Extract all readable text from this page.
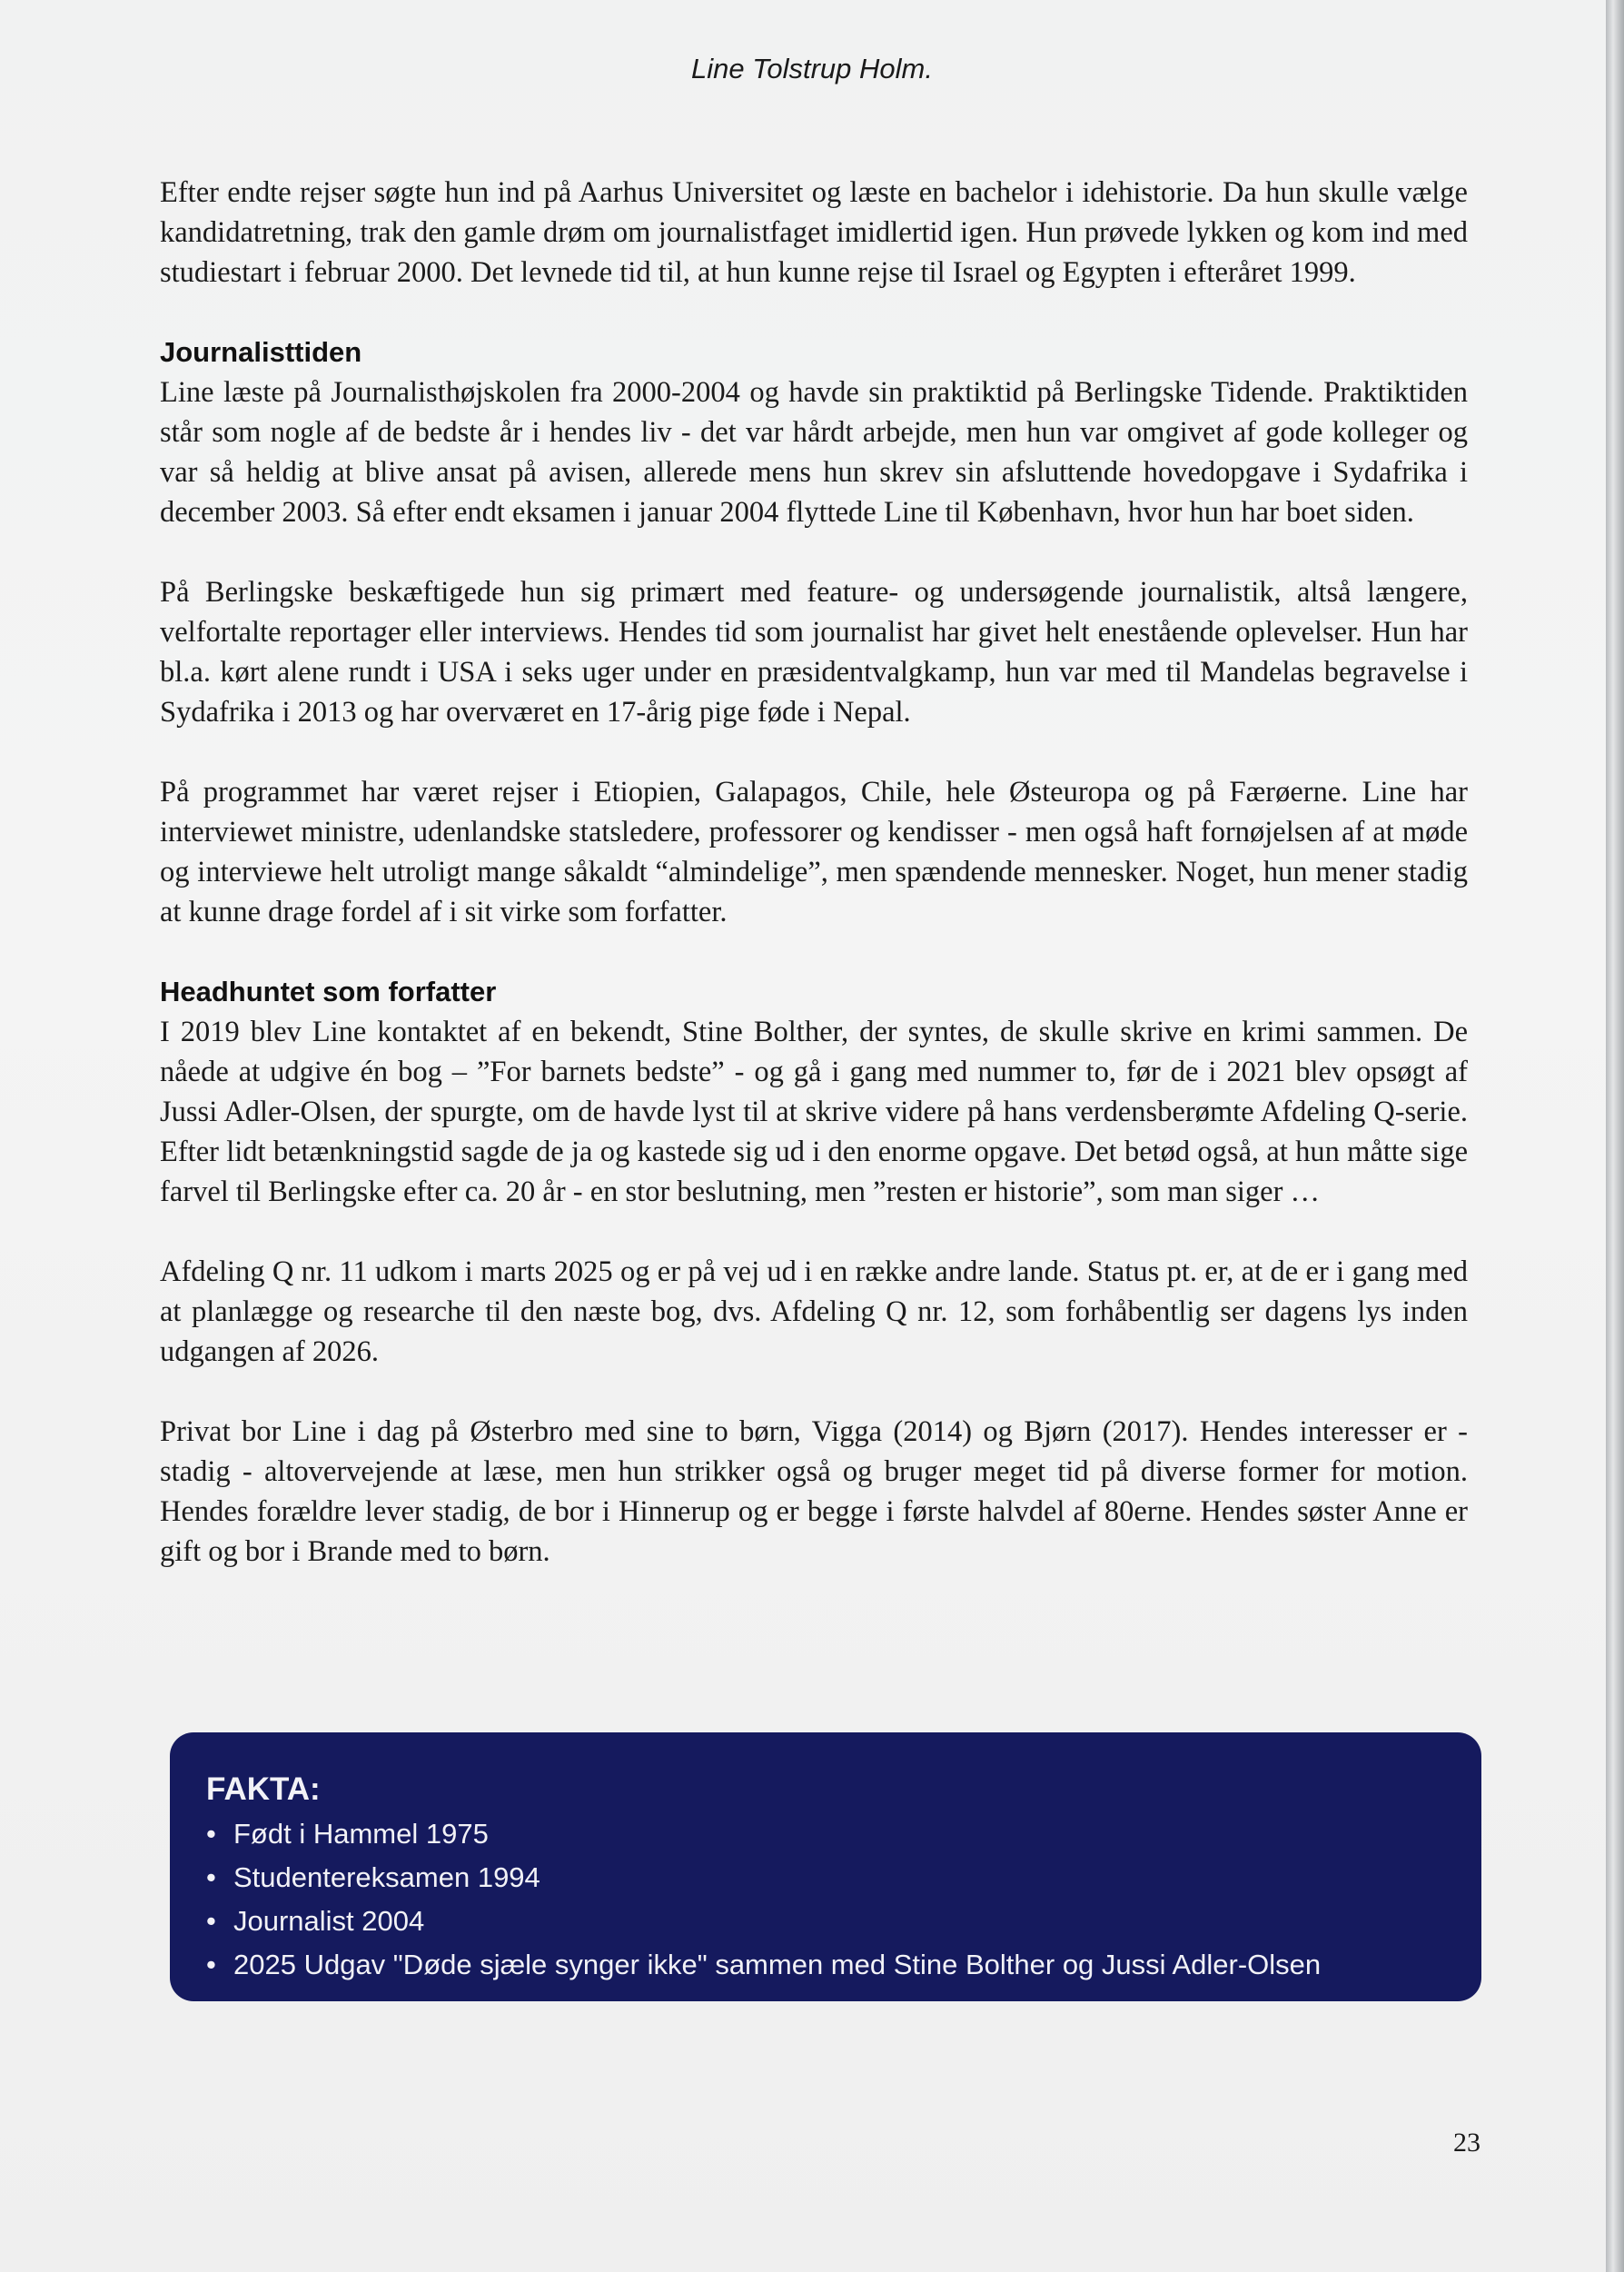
Line Tolstrup Holm.

Efter endte rejser søgte hun ind på Aarhus Universitet og læste en bachelor i idehistorie. Da hun skulle vælge kandidatretning, trak den gamle drøm om journalistfaget imidlertid igen. Hun prøvede lykken og kom ind med studiestart i februar 2000. Det levnede tid til, at hun kunne rejse til Israel og Egypten i efteråret 1999.

Journalisttiden

Line læste på Journalisthøjskolen fra 2000-2004 og havde sin praktiktid på Berlingske Tidende. Praktiktiden står som nogle af de bedste år i hendes liv - det var hårdt arbejde, men hun var omgivet af gode kolleger og var så heldig at blive ansat på avisen, allerede mens hun skrev sin afsluttende hovedopgave i Sydafrika i december 2003. Så efter endt eksamen i januar 2004 flyttede Line til København, hvor hun har boet siden.

På Berlingske beskæftigede hun sig primært med feature- og undersøgende journalistik, altså længere, velfortalte reportager eller interviews. Hendes tid som journalist har givet helt enestående oplevelser. Hun har bl.a. kørt alene rundt i USA i seks uger under en præsidentvalgkamp, hun var med til Mandelas begravelse i Sydafrika i 2013 og har overværet en 17-årig pige føde i Nepal.

På programmet har været rejser i Etiopien, Galapagos, Chile, hele Østeuropa og på Færøerne. Line har interviewet ministre, udenlandske statsledere, professorer og kendisser - men også haft fornøjelsen af at møde og interviewe helt utroligt mange såkaldt “almindelige”, men spændende mennesker. Noget, hun mener stadig at kunne drage fordel af i sit virke som forfatter.

Headhuntet som forfatter

I 2019 blev Line kontaktet af en bekendt, Stine Bolther, der syntes, de skulle skrive en krimi sammen. De nåede at udgive én bog – ”For barnets bedste” - og gå i gang med nummer to, før de i 2021 blev opsøgt af Jussi Adler-Olsen, der spurgte, om de havde lyst til at skrive videre på hans verdensberømte Afdeling Q-serie. Efter lidt betænkningstid sagde de ja og kastede sig ud i den enorme opgave. Det betød også, at hun måtte sige farvel til Berlingske efter ca. 20 år - en stor beslutning, men ”resten er historie”, som man siger …

Afdeling Q nr. 11 udkom i marts 2025 og er på vej ud i en række andre lande. Status pt. er, at de er i gang med at planlægge og researche til den næste bog, dvs. Afdeling Q nr. 12, som forhåbentlig ser dagens lys inden udgangen af 2026.

Privat bor Line i dag på Østerbro med sine to børn, Vigga (2014) og Bjørn (2017). Hendes interesser er - stadig - altovervejende at læse, men hun strikker også og bruger meget tid på diverse former for motion. Hendes forældre lever stadig, de bor i Hinnerup og er begge i første halvdel af 80erne. Hendes søster Anne er gift og bor i Brande med to børn.

FAKTA:
• Født i Hammel 1975
• Studentereksamen 1994
• Journalist 2004
• 2025 Udgav "Døde sjæle synger ikke" sammen med Stine Bolther og Jussi Adler-Olsen
23
